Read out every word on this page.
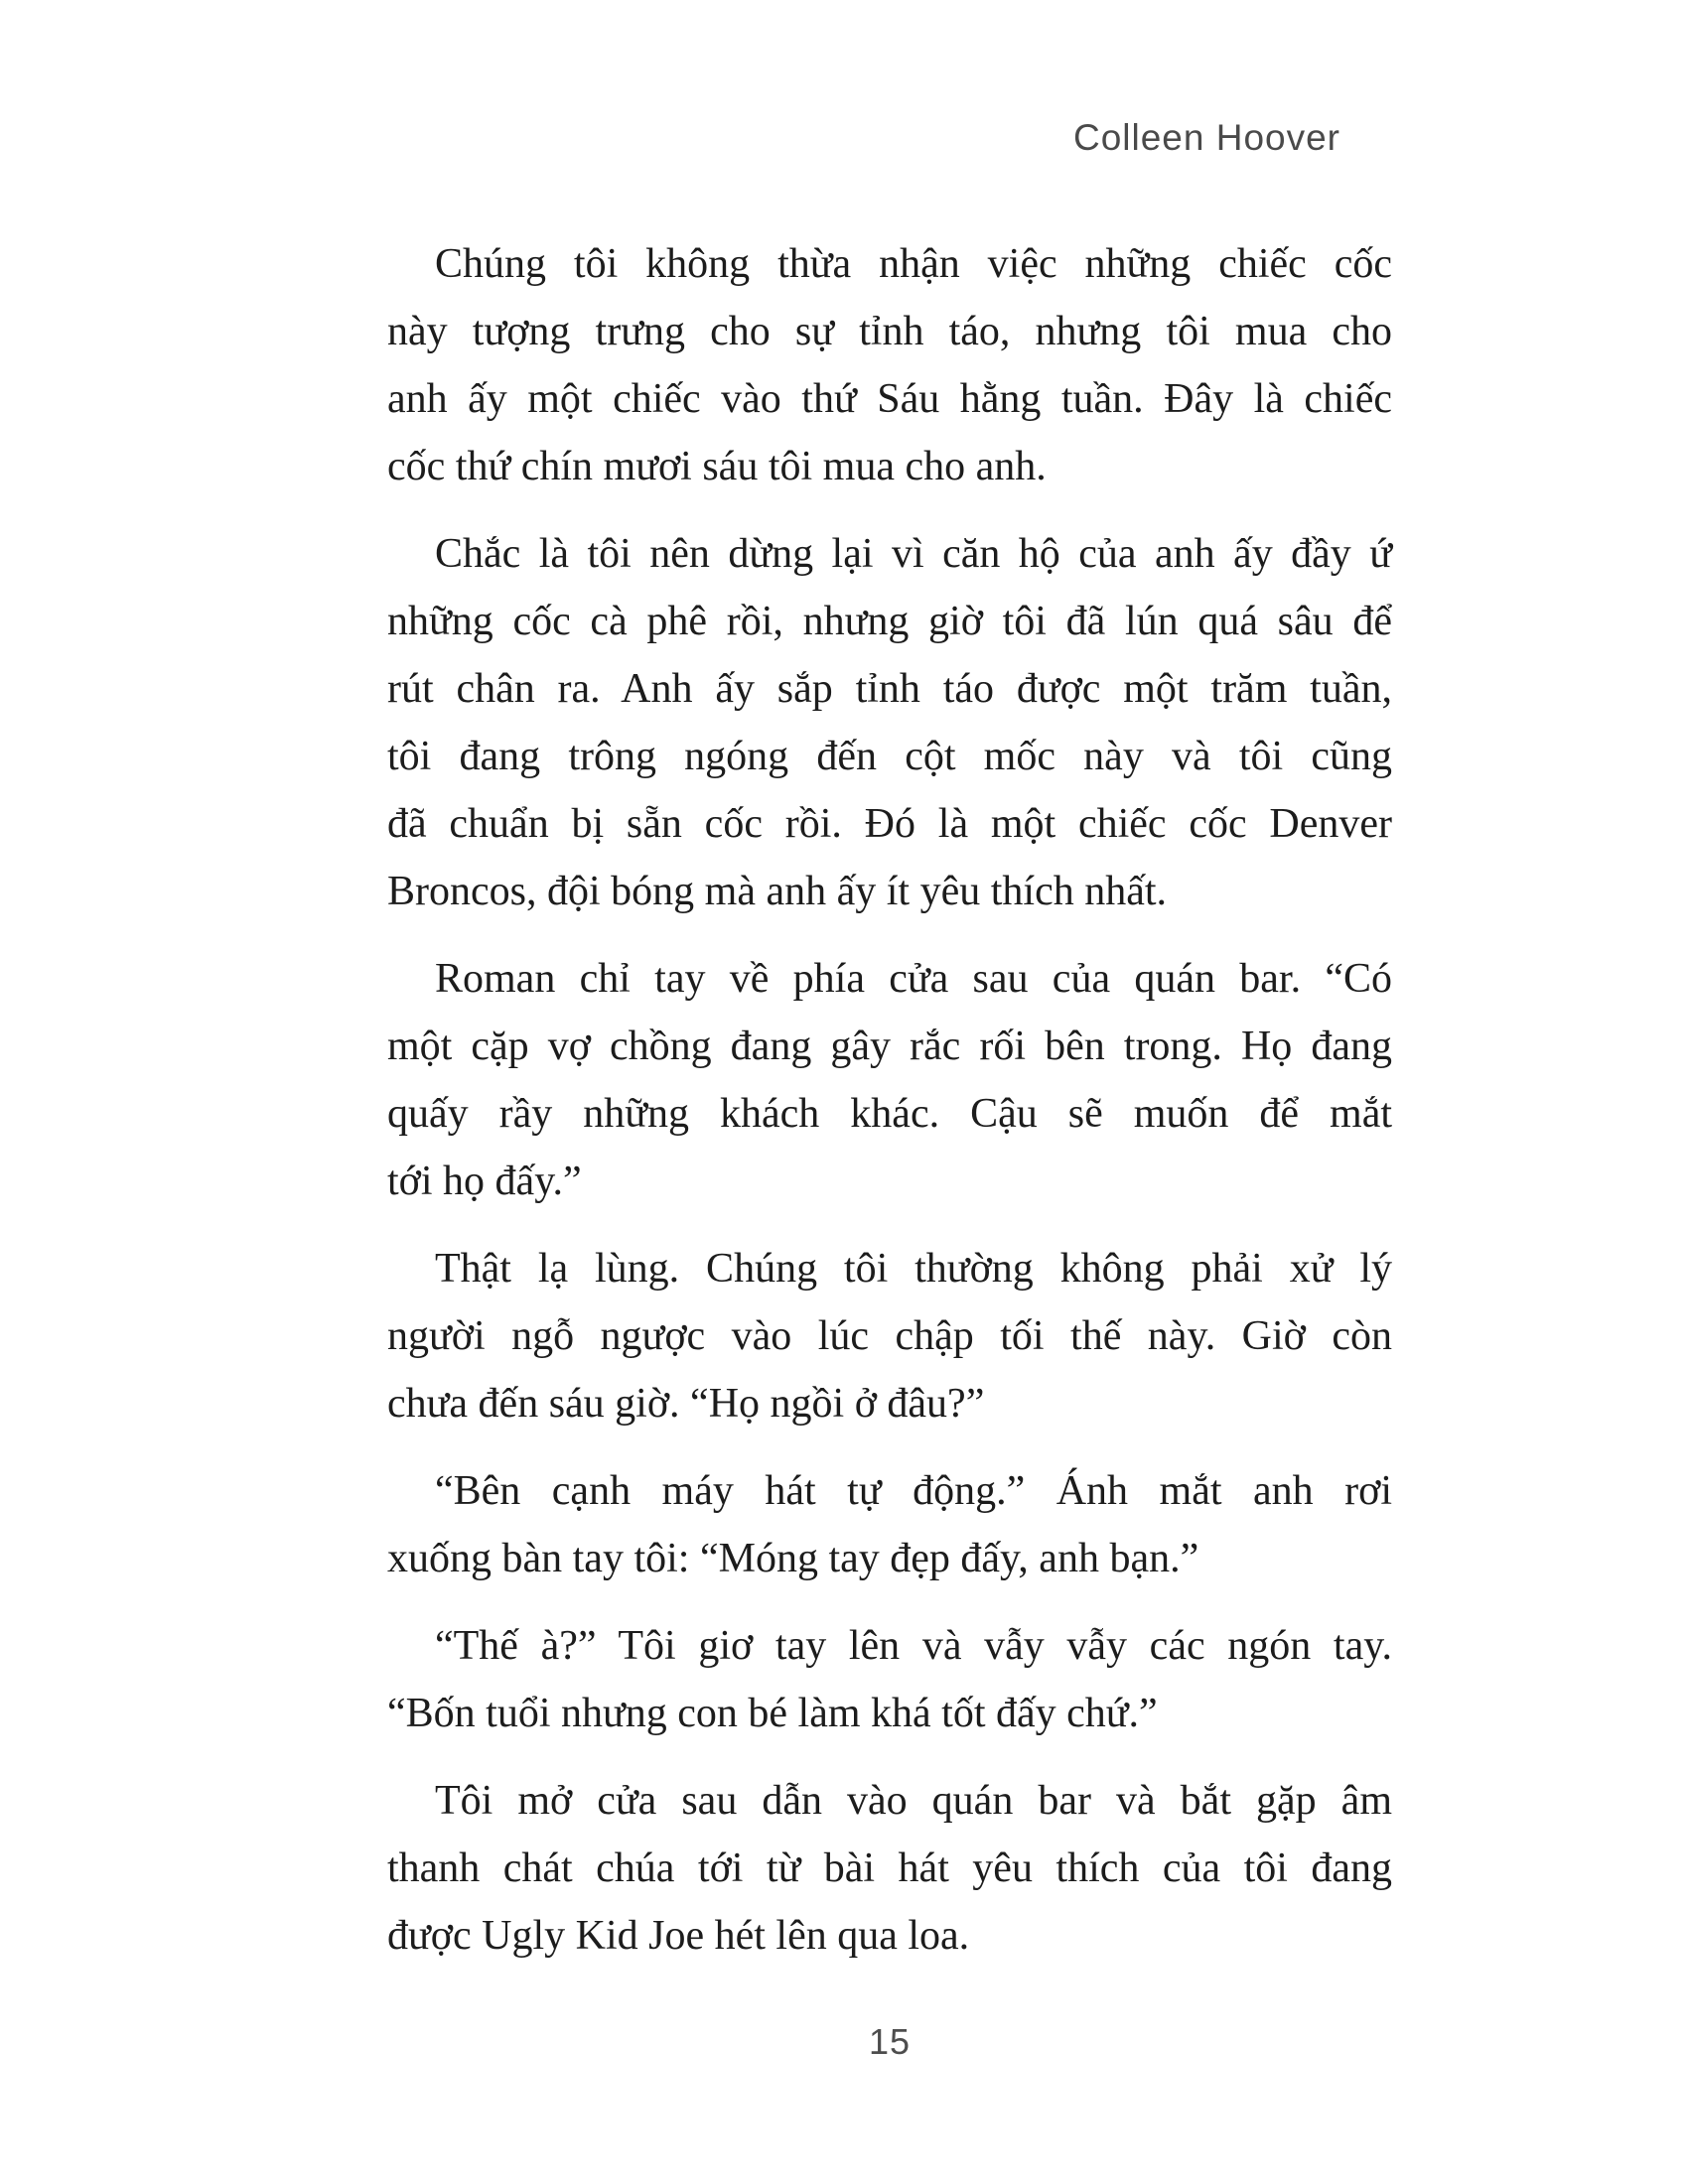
Colleen Hoover
Chúng tôi không thừa nhận việc những chiếc cốc
này tượng trưng cho sự tỉnh táo, nhưng tôi mua cho
anh ấy một chiếc vào thứ Sáu hằng tuần. Đây là chiếc
cốc thứ chín mươi sáu tôi mua cho anh.
Chắc là tôi nên dừng lại vì căn hộ của anh ấy đầy ứ
những cốc cà phê rồi, nhưng giờ tôi đã lún quá sâu để
rút chân ra. Anh ấy sắp tỉnh táo được một trăm tuần,
tôi đang trông ngóng đến cột mốc này và tôi cũng
đã chuẩn bị sẵn cốc rồi. Đó là một chiếc cốc Denver
Broncos, đội bóng mà anh ấy ít yêu thích nhất.
Roman chỉ tay về phía cửa sau của quán bar. “Có
một cặp vợ chồng đang gây rắc rối bên trong. Họ đang
quấy rầy những khách khác. Cậu sẽ muốn để mắt
tới họ đấy.”
Thật lạ lùng. Chúng tôi thường không phải xử lý
người ngỗ ngược vào lúc chập tối thế này. Giờ còn
chưa đến sáu giờ. “Họ ngồi ở đâu?”
“Bên cạnh máy hát tự động.” Ánh mắt anh rơi
xuống bàn tay tôi: “Móng tay đẹp đấy, anh bạn.”
“Thế à?” Tôi giơ tay lên và vẫy vẫy các ngón tay.
“Bốn tuổi nhưng con bé làm khá tốt đấy chứ.”
Tôi mở cửa sau dẫn vào quán bar và bắt gặp âm
thanh chát chúa tới từ bài hát yêu thích của tôi đang
được Ugly Kid Joe hét lên qua loa.
15
